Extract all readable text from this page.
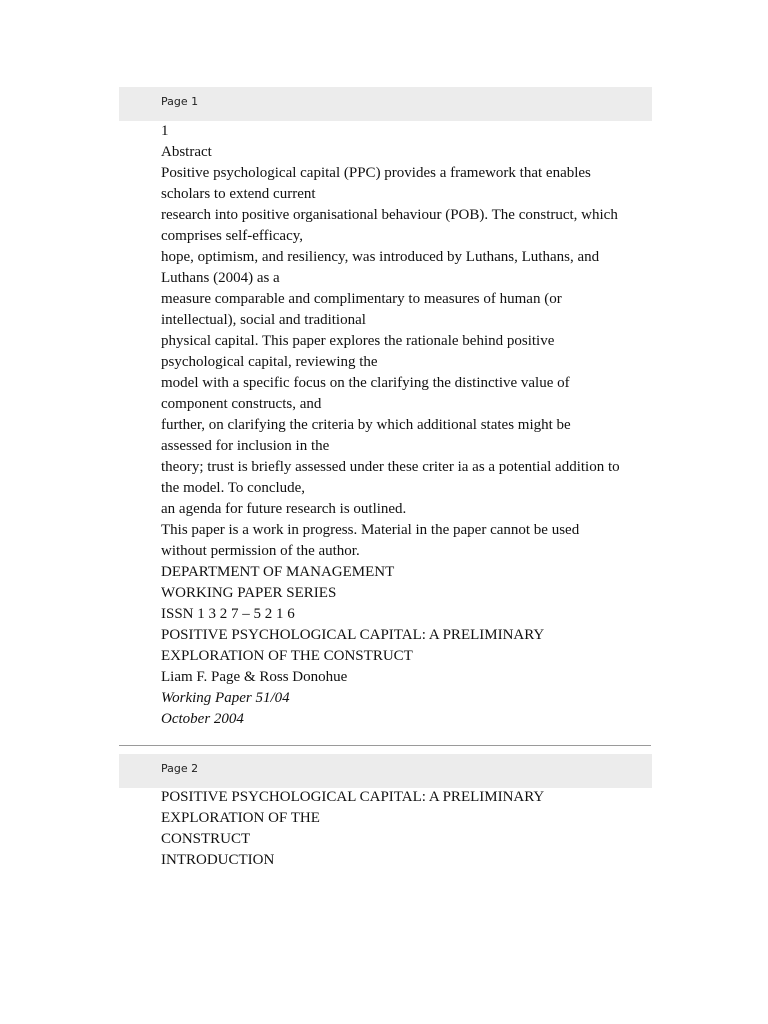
Page 1
1
Abstract
Positive psychological capital (PPC) provides a framework that enables
scholars to extend current
research into positive organisational behaviour (POB). The construct, which
comprises self-efficacy,
hope, optimism, and resiliency, was introduced by Luthans, Luthans, and
Luthans (2004) as a
measure comparable and complimentary to measures of human (or
intellectual), social and traditional
physical capital. This paper explores the rationale behind positive
psychological capital, reviewing the
model with a specific focus on the clarifying the distinctive value of
component constructs, and
further, on clarifying the criteria by which additional states might be
assessed for inclusion in the
theory; trust is briefly assessed under these criter ia as a potential addition to
the model. To conclude,
an agenda for future research is outlined.
This paper is a work in progress. Material in the paper cannot be used
without permission of the author.
DEPARTMENT OF MANAGEMENT
WORKING PAPER SERIES
ISSN 1 3 2 7 – 5 2 1 6
POSITIVE PSYCHOLOGICAL CAPITAL: A PRELIMINARY
EXPLORATION OF THE CONSTRUCT
Liam F. Page & Ross Donohue
Working Paper 51/04
October 2004
Page 2
POSITIVE PSYCHOLOGICAL CAPITAL: A PRELIMINARY
EXPLORATION OF THE
CONSTRUCT
INTRODUCTION
